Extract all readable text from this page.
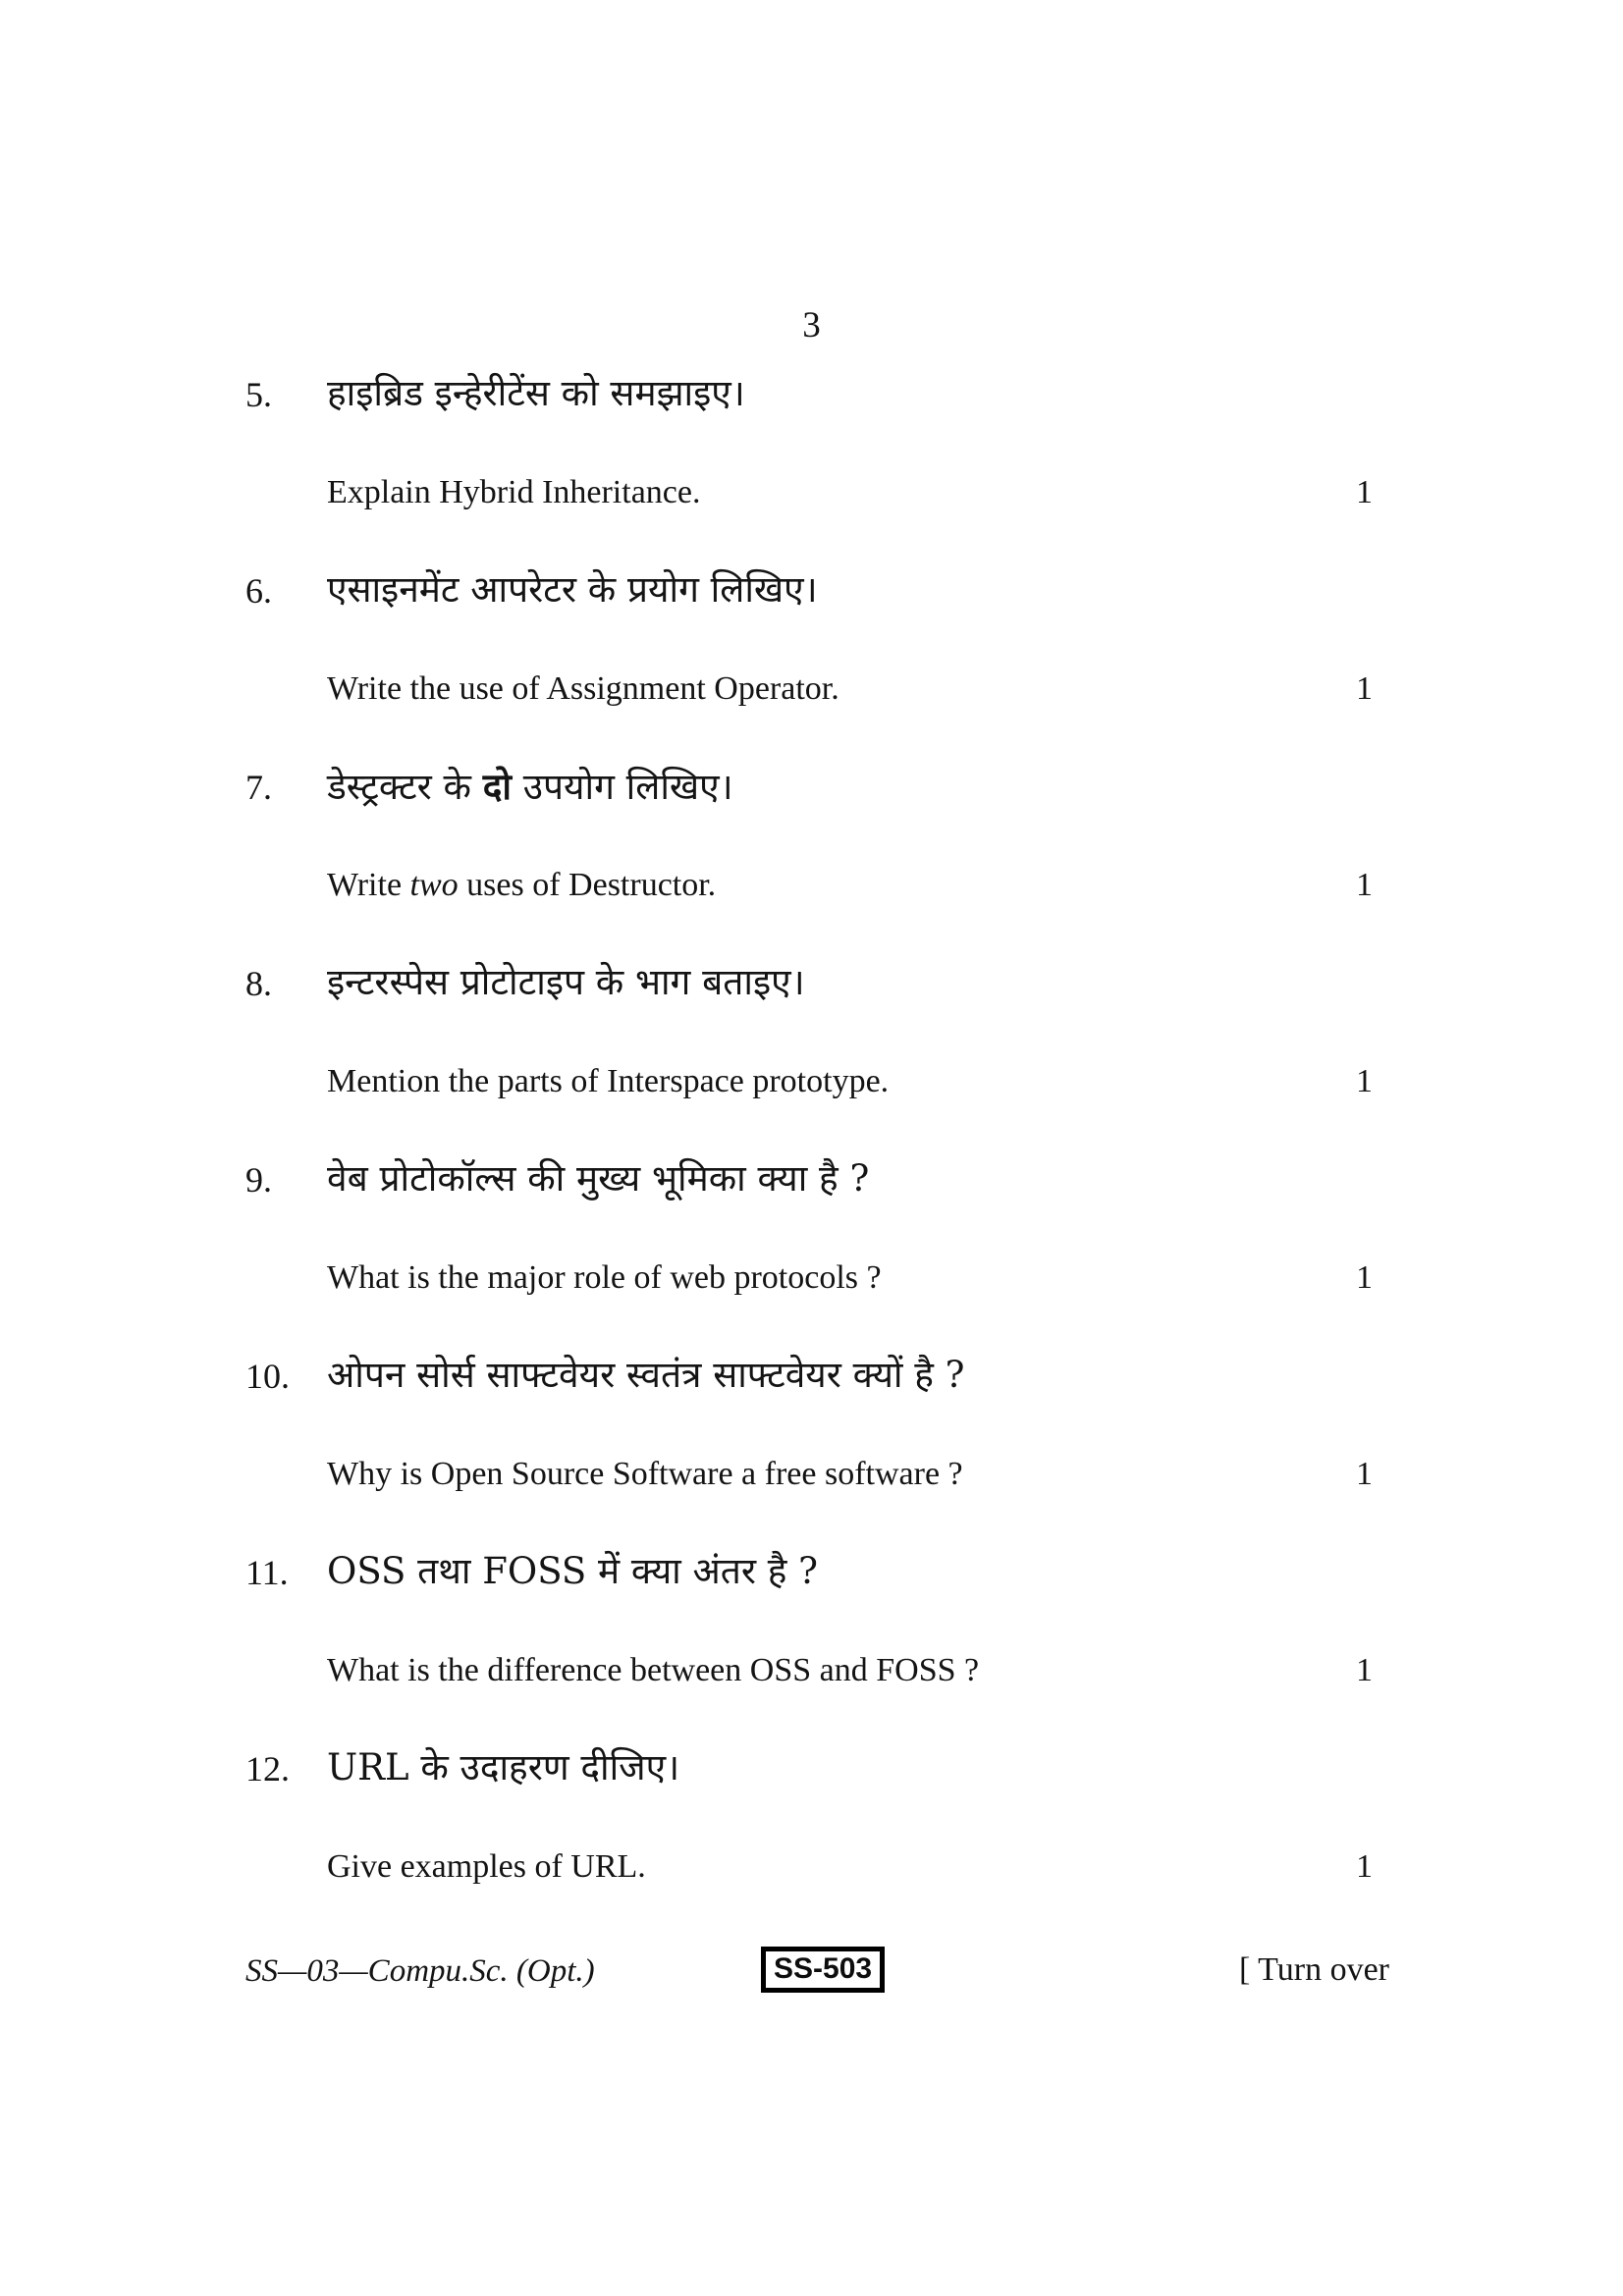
3
5. हाइब्रिड इन्हेरीटेंस को समझाइए।
Explain Hybrid Inheritance.	1
6. एसाइनमेंट आपरेटर के प्रयोग लिखिए।
Write the use of Assignment Operator.	1
7. डेस्ट्रक्टर के दो उपयोग लिखिए।
Write two uses of Destructor.	1
8. इन्टरस्पेस प्रोटोटाइप के भाग बताइए।
Mention the parts of Interspace prototype.	1
9. वेब प्रोटोकॉल्स की मुख्य भूमिका क्या है ?
What is the major role of web protocols ?	1
10. ओपन सोर्स साफ्टवेयर स्वतंत्र साफ्टवेयर क्यों है ?
Why is Open Source Software a free software ?	1
11. OSS तथा FOSS में क्या अंतर है ?
What is the difference between OSS and FOSS ?	1
12. URL के उदाहरण दीजिए।
Give examples of URL.	1
SS—03—Compu.Sc. (Opt.)	SS-503	[ Turn over
